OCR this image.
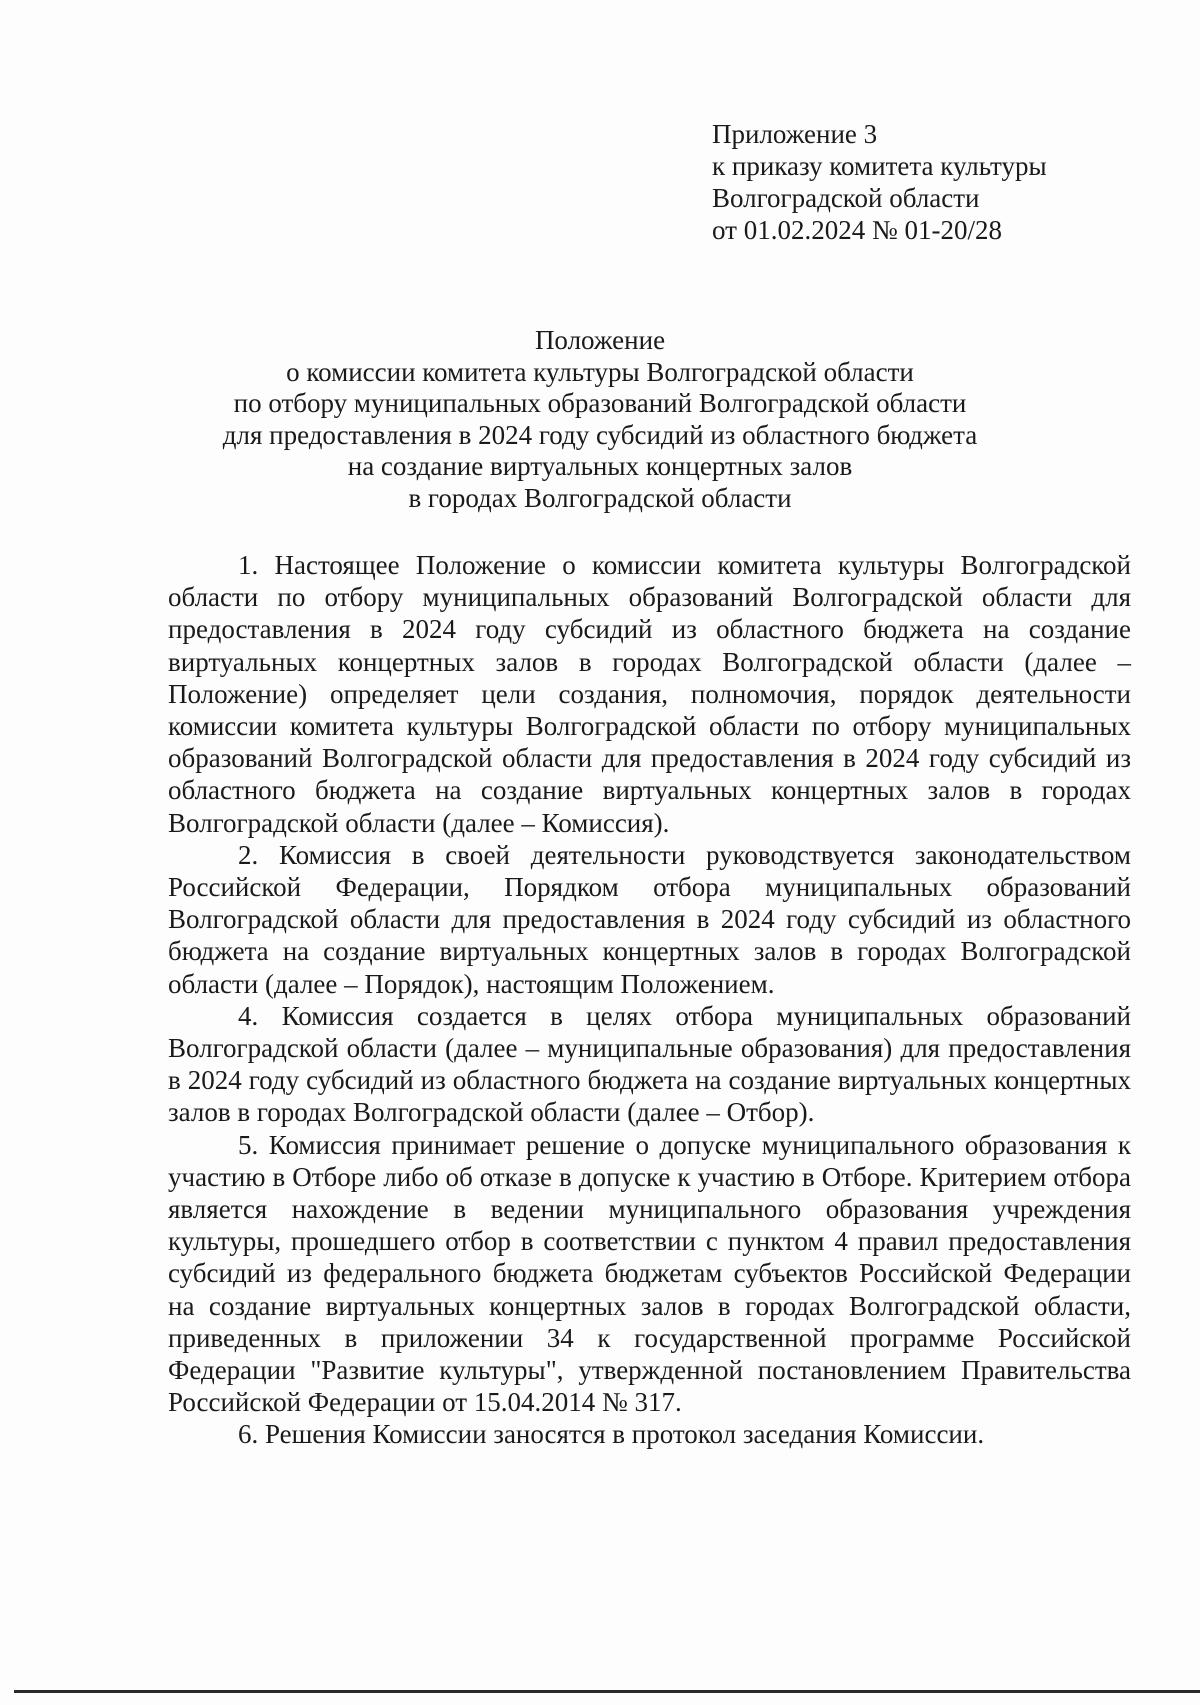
Приложение 3
к приказу комитета культуры
Волгоградской области
от 01.02.2024 № 01-20/28
Положение
о комиссии комитета культуры Волгоградской области
по отбору муниципальных образований Волгоградской области
для предоставления в 2024 году субсидий из областного бюджета
на создание виртуальных концертных залов
в городах Волгоградской области

1. Настоящее Положение о комиссии комитета культуры Волгоградской области по отбору муниципальных образований Волгоградской области для предоставления в 2024 году субсидий из областного бюджета на создание виртуальных концертных залов в городах Волгоградской области (далее – Положение) определяет цели создания, полномочия, порядок деятельности комиссии комитета культуры Волгоградской области по отбору муниципальных образований Волгоградской области для предоставления в 2024 году субсидий из областного бюджета на создание виртуальных концертных залов в городах Волгоградской области (далее – Комиссия).

2. Комиссия в своей деятельности руководствуется законодательством Российской Федерации, Порядком отбора муниципальных образований Волгоградской области для предоставления в 2024 году субсидий из областного бюджета на создание виртуальных концертных залов в городах Волгоградской области (далее – Порядок), настоящим Положением.

4. Комиссия создается в целях отбора муниципальных образований Волгоградской области (далее – муниципальные образования) для предоставления в 2024 году субсидий из областного бюджета на создание виртуальных концертных залов в городах Волгоградской области (далее – Отбор).

5. Комиссия принимает решение о допуске муниципального образования к участию в Отборе либо об отказе в допуске к участию в Отборе. Критерием отбора является нахождение в ведении муниципального образования учреждения культуры, прошедшего отбор в соответствии с пунктом 4 правил предоставления субсидий из федерального бюджета бюджетам субъектов Российской Федерации на создание виртуальных концертных залов в городах Волгоградской области, приведенных в приложении 34 к государственной программе Российской Федерации "Развитие культуры", утвержденной постановлением Правительства Российской Федерации от 15.04.2014 № 317.

6. Решения Комиссии заносятся в протокол заседания Комиссии.
